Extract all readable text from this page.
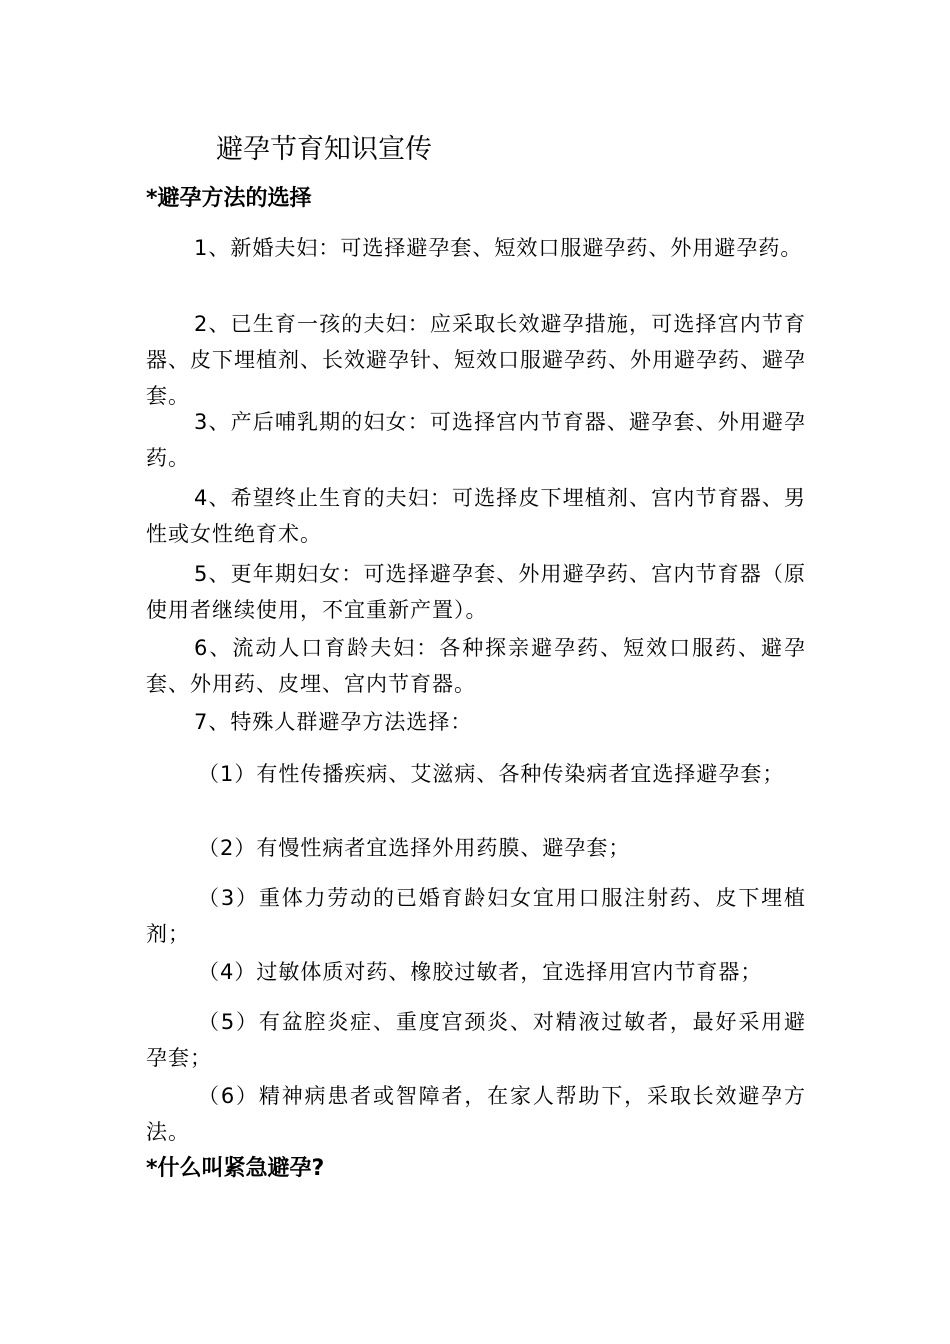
避孕节育知识宣传
*避孕方法的选择

1、新婚夫妇：可选择避孕套、短效口服避孕药、外用避孕药。

2、已生育一孩的夫妇：应采取长效避孕措施，可选择宫内节育器、皮下埋植剂、长效避孕针、短效口服避孕药、外用避孕药、避孕套。

3、产后哺乳期的妇女：可选择宫内节育器、避孕套、外用避孕药。

4、希望终止生育的夫妇：可选择皮下埋植剂、宫内节育器、男性或女性绝育术。

5、更年期妇女：可选择避孕套、外用避孕药、宫内节育器（原使用者继续使用，不宜重新产置）。

6、流动人口育龄夫妇：各种探亲避孕药、短效口服药、避孕套、外用药、皮埋、宫内节育器。

7、特殊人群避孕方法选择：

（1）有性传播疾病、艾滋病、各种传染病者宜选择避孕套；

（2）有慢性病者宜选择外用药膜、避孕套；

（3）重体力劳动的已婚育龄妇女宜用口服注射药、皮下埋植剂；

（4）过敏体质对药、橡胶过敏者，宜选择用宫内节育器；

（5）有盆腔炎症、重度宫颈炎、对精液过敏者，最好采用避孕套；

（6）精神病患者或智障者，在家人帮助下，采取长效避孕方法。

*什么叫紧急避孕?
